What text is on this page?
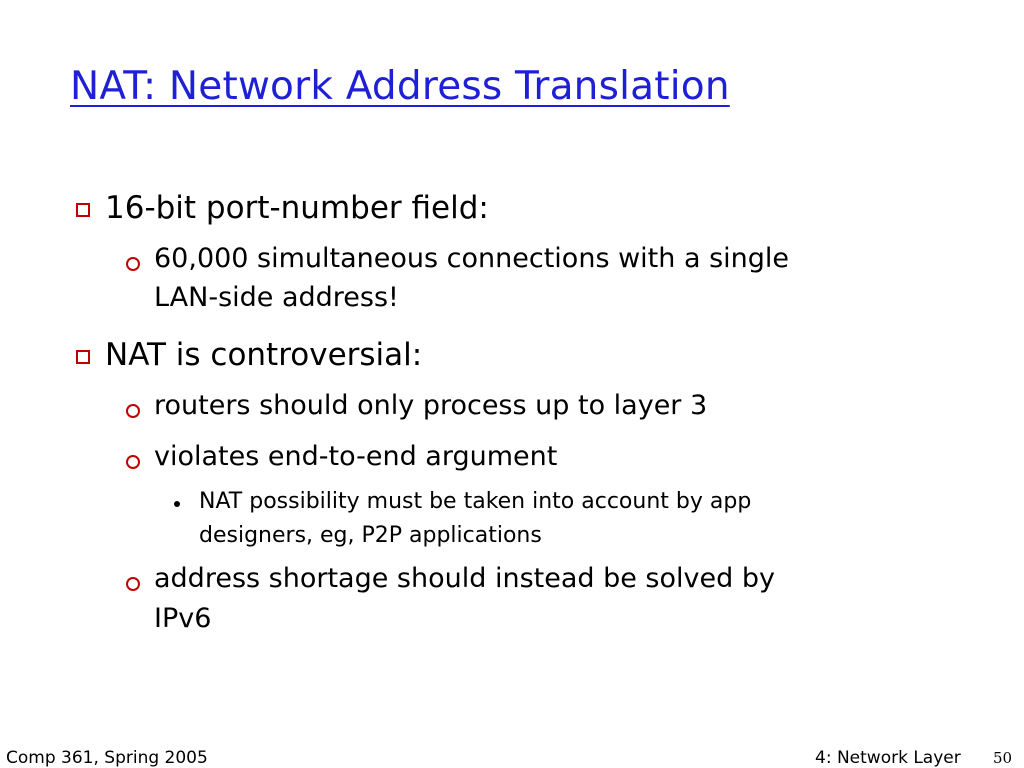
NAT: Network Address Translation
16-bit port-number field:
60,000 simultaneous connections with a single
LAN-side address!
NAT is controversial:
routers should only process up to layer 3
violates end-to-end argument
NAT possibility must be taken into account by app
designers, eg, P2P applications
address shortage should instead be solved by
IPv6
Comp 361, Spring 2005	4: Network Layer 50
